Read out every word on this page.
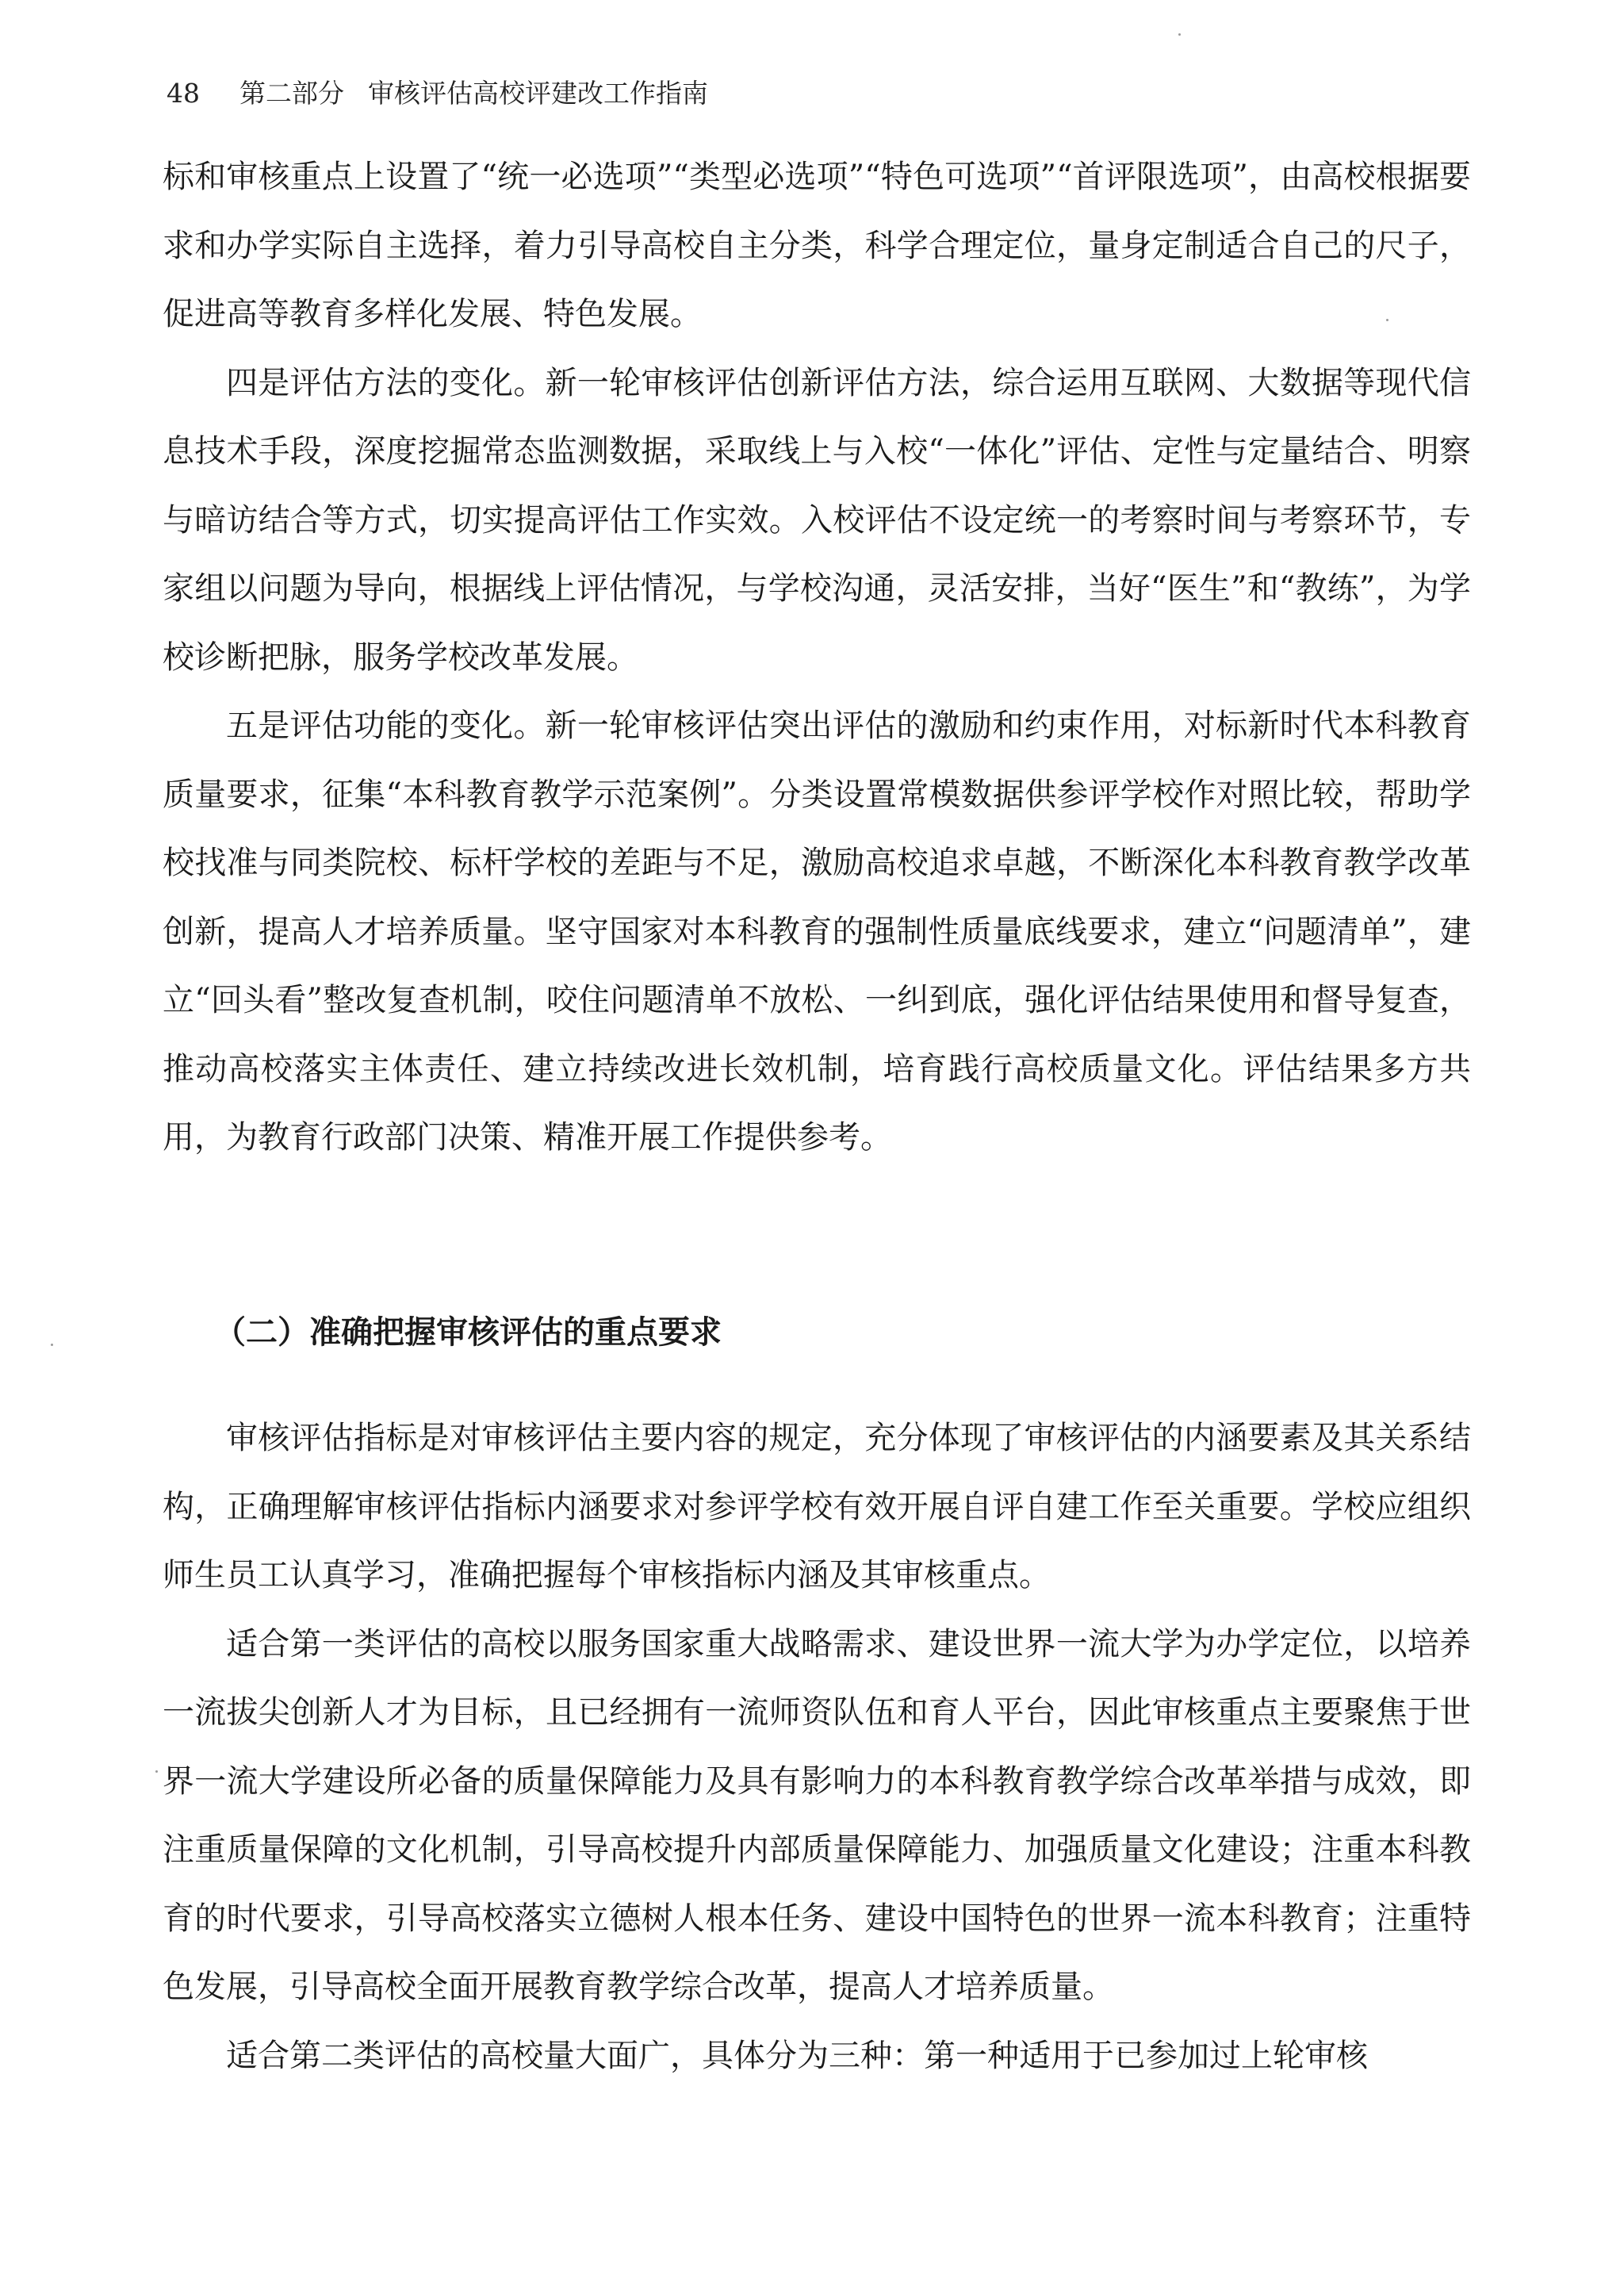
48 第二部分 审核评估高校评建改工作指南

标和审核重点上设置了“统一必选项”“类型必选项”“特色可选项”“首评限选项”，由高校根据要求和办学实际自主选择，着力引导高校自主分类，科学合理定位，量身定制适合自己的尺子，促进高等教育多样化发展、特色发展。

四是评估方法的变化。新一轮审核评估创新评估方法，综合运用互联网、大数据等现代信息技术手段，深度挖掘常态监测数据，采取线上与入校“一体化”评估、定性与定量结合、明察与暗访结合等方式，切实提高评估工作实效。入校评估不设定统一的考察时间与考察环节，专家组以问题为导向，根据线上评估情况，与学校沟通，灵活安排，当好“医生”和“教练”，为学校诊断把脉，服务学校改革发展。

五是评估功能的变化。新一轮审核评估突出评估的激励和约束作用，对标新时代本科教育质量要求，征集“本科教育教学示范案例”。分类设置常模数据供参评学校作对照比较，帮助学校找准与同类院校、标杆学校的差距与不足，激励高校追求卓越，不断深化本科教育教学改革创新，提高人才培养质量。坚守国家对本科教育的强制性质量底线要求，建立“问题清单”，建立“回头看”整改复查机制，咬住问题清单不放松、一纠到底，强化评估结果使用和督导复查，推动高校落实主体责任、建立持续改进长效机制，培育践行高校质量文化。评估结果多方共用，为教育行政部门决策、精准开展工作提供参考。

（二）准确把握审核评估的重点要求

审核评估指标是对审核评估主要内容的规定，充分体现了审核评估的内涵要素及其关系结构，正确理解审核评估指标内涵要求对参评学校有效开展自评自建工作至关重要。学校应组织师生员工认真学习，准确把握每个审核指标内涵及其审核重点。

适合第一类评估的高校以服务国家重大战略需求、建设世界一流大学为办学定位，以培养一流拔尖创新人才为目标，且已经拥有一流师资队伍和育人平台，因此审核重点主要聚焦于世界一流大学建设所必备的质量保障能力及具有影响力的本科教育教学综合改革举措与成效，即注重质量保障的文化机制，引导高校提升内部质量保障能力、加强质量文化建设；注重本科教育的时代要求，引导高校落实立德树人根本任务、建设中国特色的世界一流本科教育；注重特色发展，引导高校全面开展教育教学综合改革，提高人才培养质量。

适合第二类评估的高校量大面广，具体分为三种：第一种适用于已参加过上轮审核
